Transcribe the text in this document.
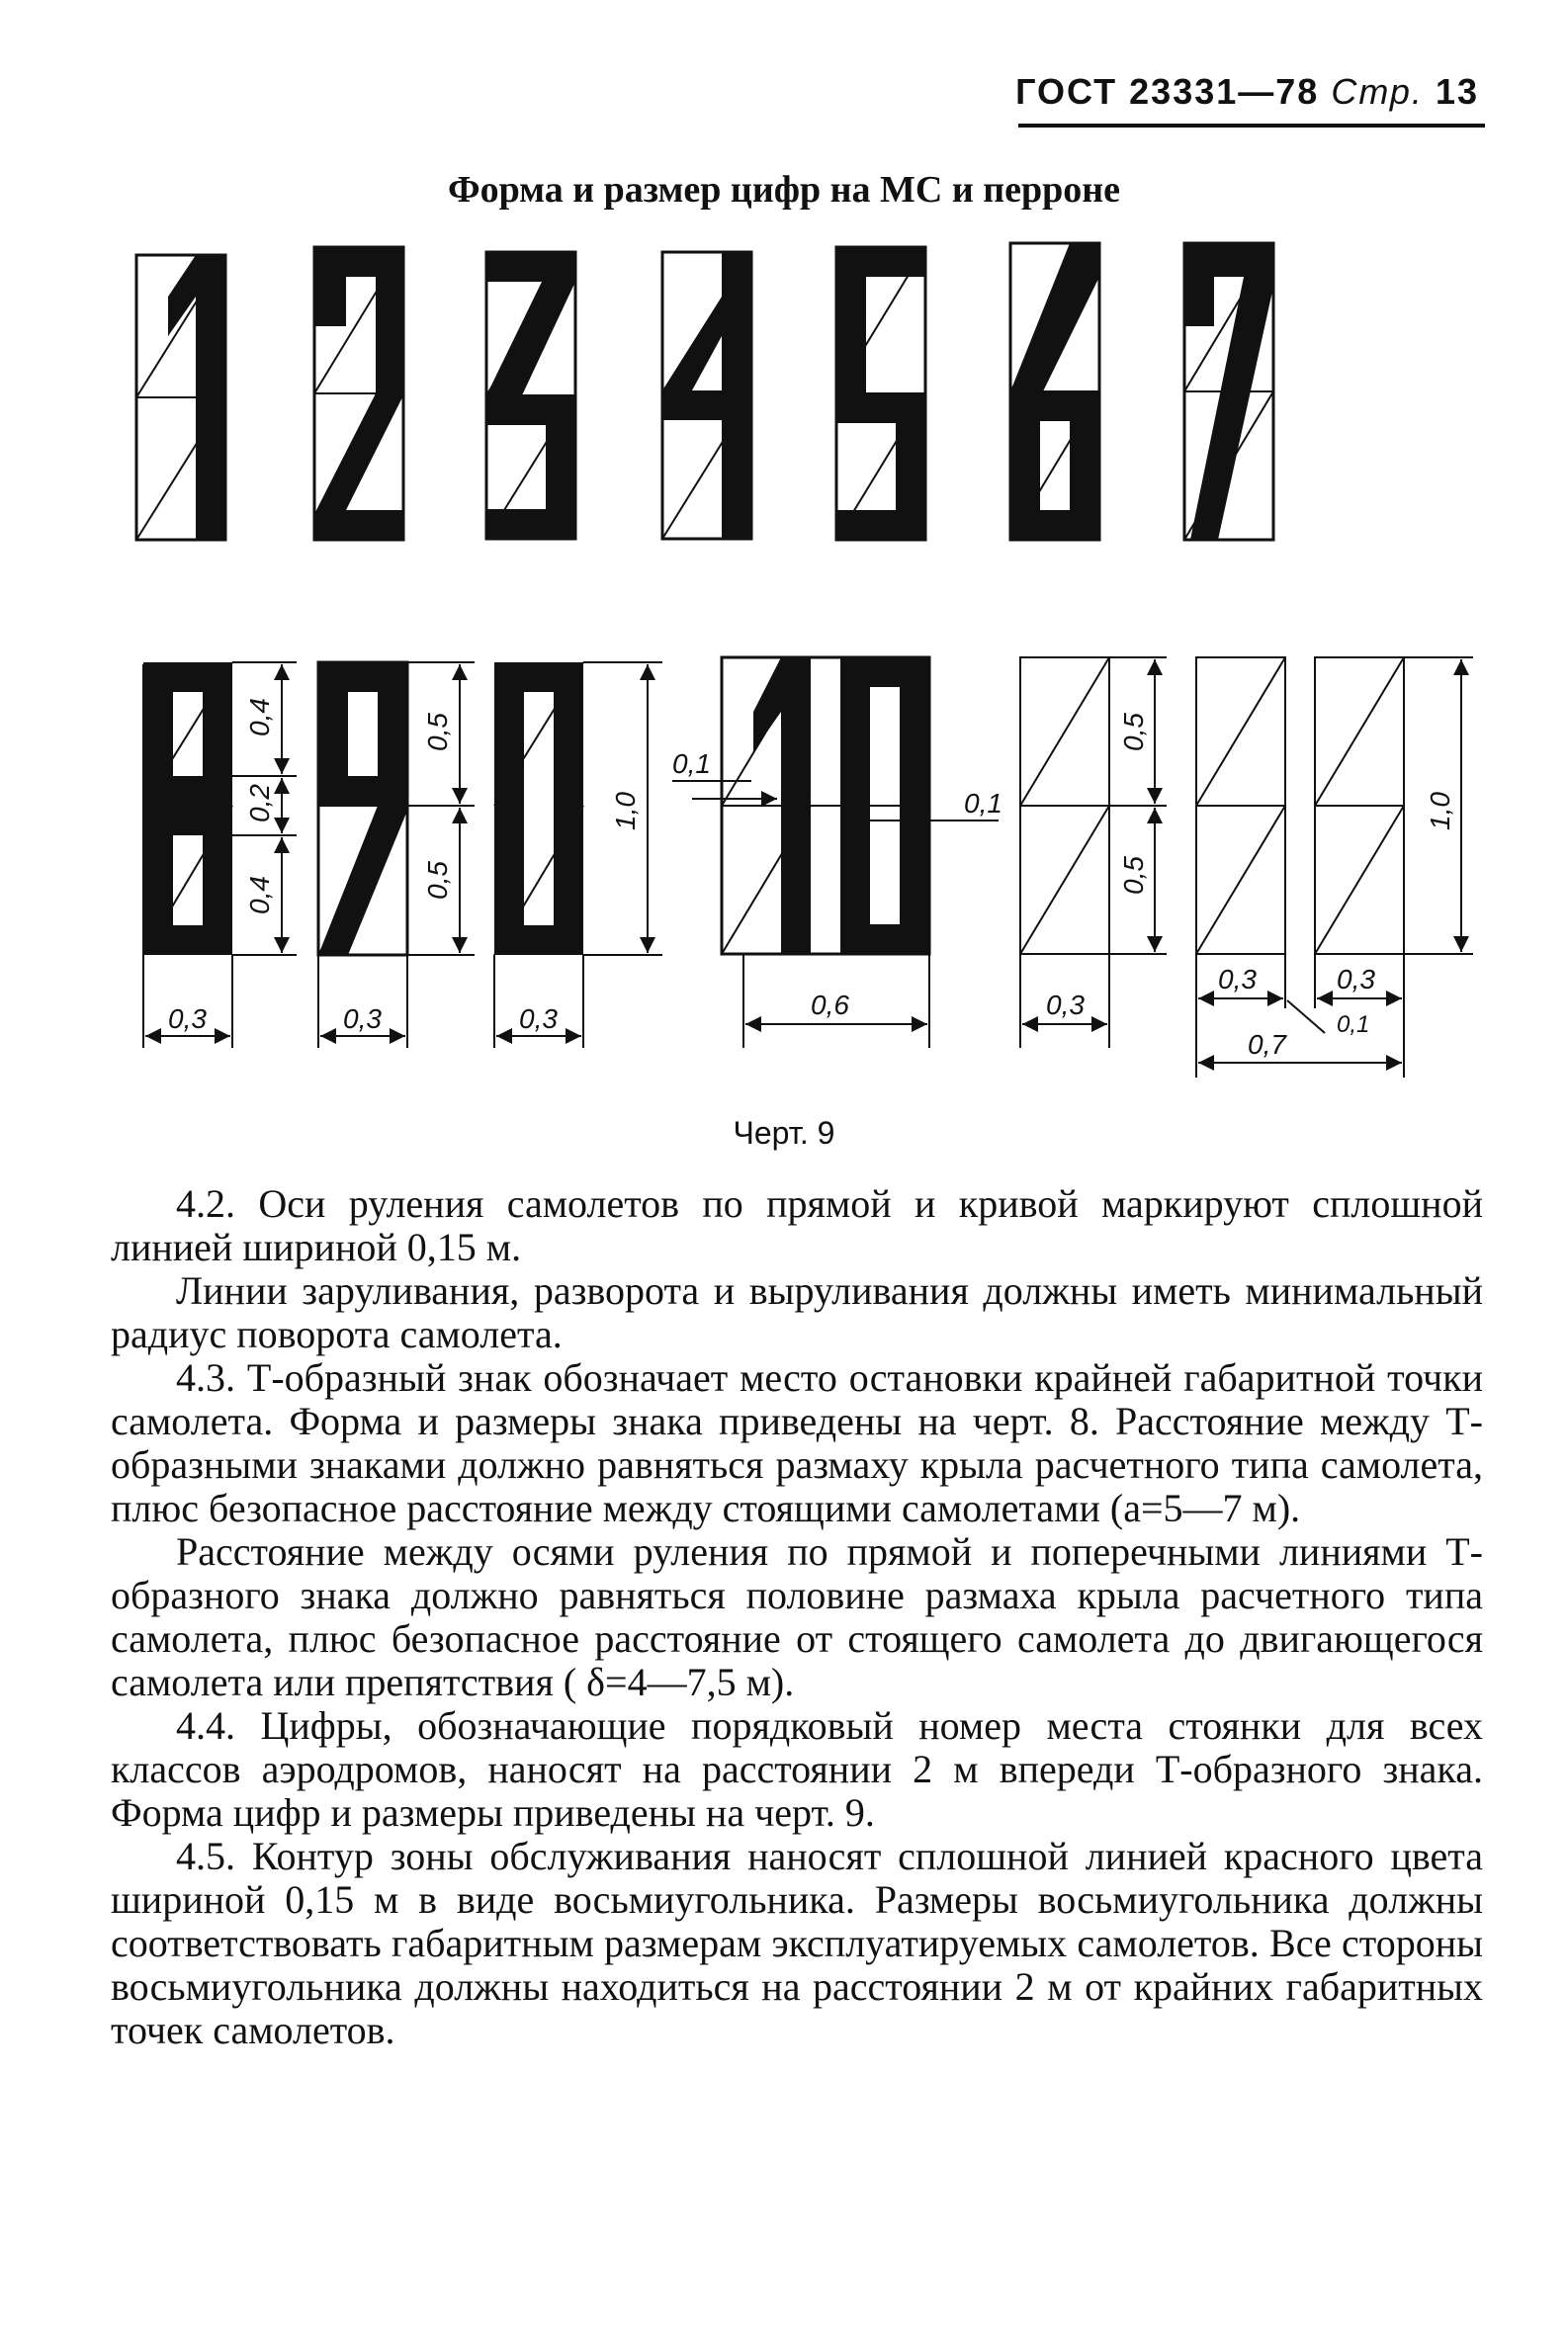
ГОСТ 23331—78 Стр. 13
Форма и размер цифр на МС и перроне
0,4
0,2
0,4
0,5
0,5
1,0
0,1
0,1
0,5
0,5
1,0
0,3	0,3	0,3	0,6	0,3
0,3	0,3
0,1
0,7
Черт. 9

4.2. Оси руления самолетов по прямой и кривой маркируют сплошной линией шириной 0,15 м.

Линии заруливания, разворота и выруливания должны иметь минимальный радиус поворота самолета.

4.3. Т-образный знак обозначает место остановки крайней габаритной точки самолета. Форма и размеры знака приведены на черт. 8. Расстояние между Т-образными знаками должно равняться размаху крыла расчетного типа самолета, плюс безопасное расстояние между стоящими самолетами (а=5—7 м).

Расстояние между осями руления по прямой и поперечными линиями Т-образного знака должно равняться половине размаха крыла расчетного типа самолета, плюс безопасное расстояние от стоящего самолета до двигающегося самолета или препятствия ( δ=4—7,5 м).

4.4. Цифры, обозначающие порядковый номер места стоянки для всех классов аэродромов, наносят на расстоянии 2 м впереди Т-образного знака. Форма цифр и размеры приведены на черт. 9.

4.5. Контур зоны обслуживания наносят сплошной линией красного цвета шириной 0,15 м в виде восьмиугольника. Размеры восьмиугольника должны соответствовать габаритным размерам эксплуатируемых самолетов. Все стороны восьмиугольника должны находиться на расстоянии 2 м от крайних габаритных точек самолетов.
